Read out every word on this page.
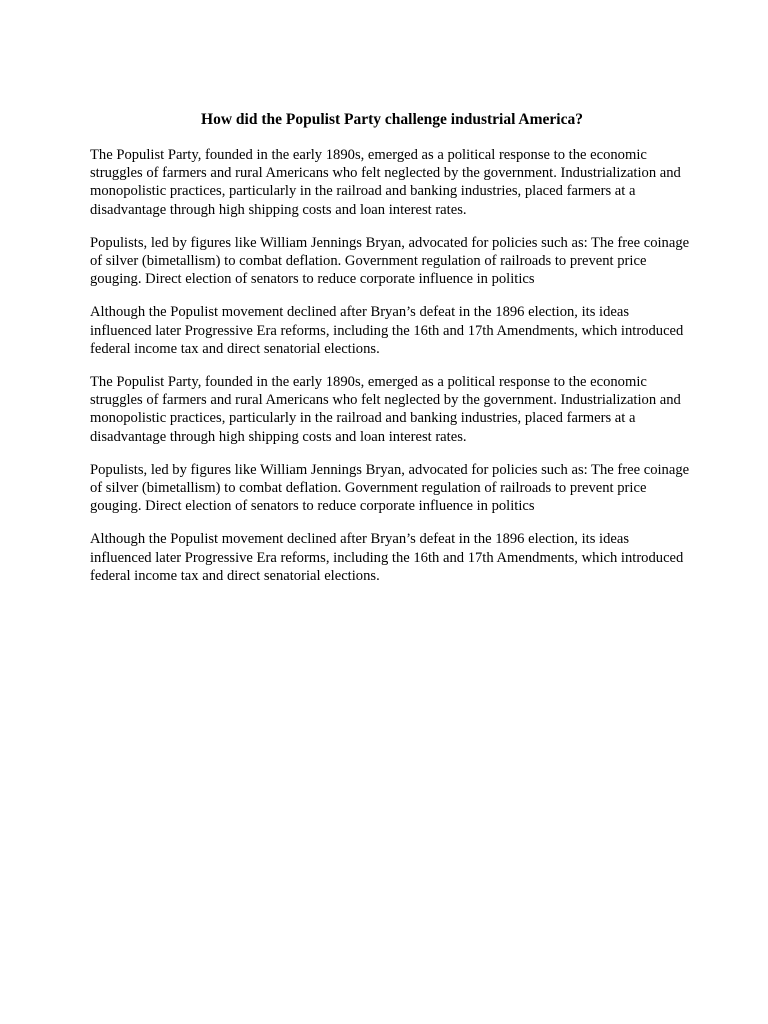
How did the Populist Party challenge industrial America?

The Populist Party, founded in the early 1890s, emerged as a political response to the economic struggles of farmers and rural Americans who felt neglected by the government. Industrialization and monopolistic practices, particularly in the railroad and banking industries, placed farmers at a disadvantage through high shipping costs and loan interest rates.

Populists, led by figures like William Jennings Bryan, advocated for policies such as: The free coinage of silver (bimetallism) to combat deflation. Government regulation of railroads to prevent price gouging. Direct election of senators to reduce corporate influence in politics

Although the Populist movement declined after Bryan’s defeat in the 1896 election, its ideas influenced later Progressive Era reforms, including the 16th and 17th Amendments, which introduced federal income tax and direct senatorial elections.

The Populist Party, founded in the early 1890s, emerged as a political response to the economic struggles of farmers and rural Americans who felt neglected by the government. Industrialization and monopolistic practices, particularly in the railroad and banking industries, placed farmers at a disadvantage through high shipping costs and loan interest rates.

Populists, led by figures like William Jennings Bryan, advocated for policies such as: The free coinage of silver (bimetallism) to combat deflation. Government regulation of railroads to prevent price gouging. Direct election of senators to reduce corporate influence in politics

Although the Populist movement declined after Bryan’s defeat in the 1896 election, its ideas influenced later Progressive Era reforms, including the 16th and 17th Amendments, which introduced federal income tax and direct senatorial elections.
